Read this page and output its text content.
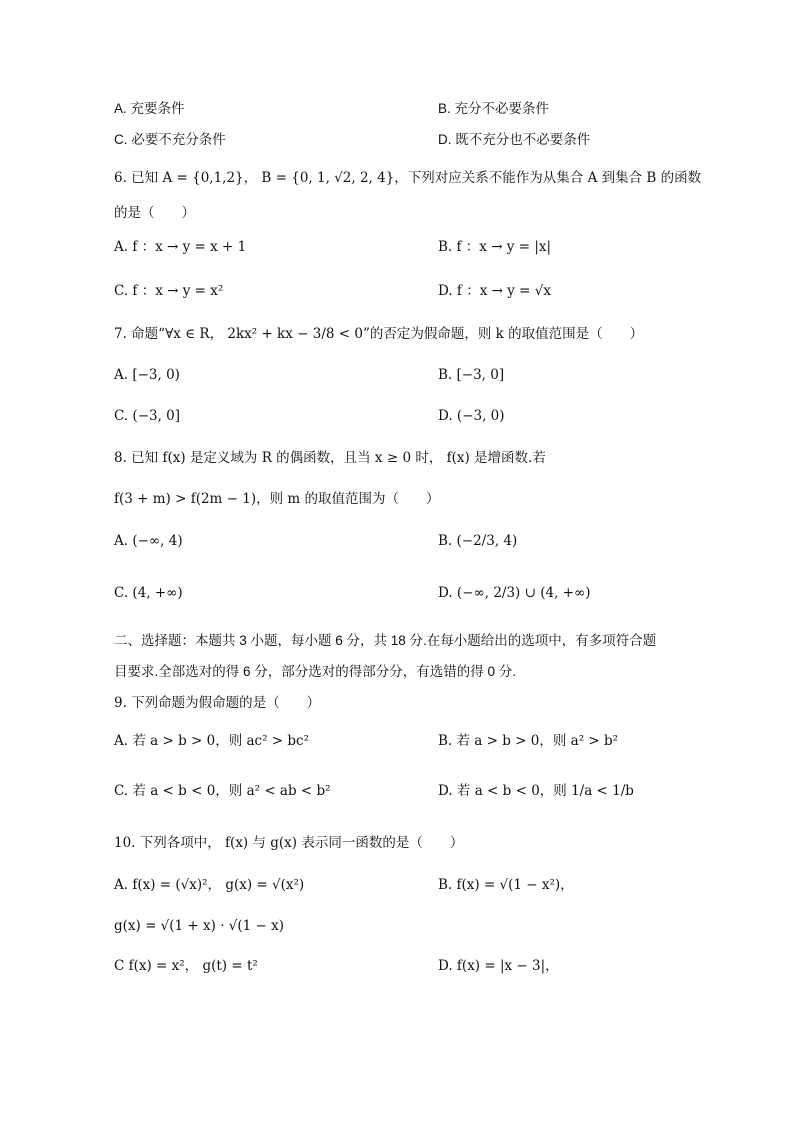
A. 充要条件	B. 充分不必要条件
C. 必要不充分条件	D. 既不充分也不必要条件
6. 已知 A = {0,1,2}， B = {0, 1, √2, 2, 4}，下列对应关系不能作为从集合 A 到集合 B 的函数
的是（　　）
A. f ：x → y = x + 1	B. f ：x → y = |x|
C. f ：x → y = x²	D. f ：x → y = √x
7. 命题“∀x ∈ R， 2kx² + kx − 3/8 < 0”的否定为假命题，则 k 的取值范围是（　　）
A. [−3, 0)	B. [−3, 0]
C. (−3, 0]	D. (−3, 0)
8. 已知 f(x) 是定义域为 R 的偶函数，且当 x ≥ 0 时， f(x) 是增函数.若
f(3 + m) > f(2m − 1)，则 m 的取值范围为（　　）
A. (−∞, 4)	B. (−2/3, 4)
C. (4, +∞)	D. (−∞, 2/3) ∪ (4, +∞)
二、选择题：本题共 3 小题，每小题 6 分，共 18 分.在每小题给出的选项中，有多项符合题
目要求.全部选对的得 6 分，部分选对的得部分分，有选错的得 0 分.
9. 下列命题为假命题的是（　　）
A. 若 a > b > 0，则 ac² > bc²	B. 若 a > b > 0，则 a² > b²
C. 若 a < b < 0，则 a² < ab < b²	D. 若 a < b < 0，则 1/a < 1/b
10. 下列各项中， f(x) 与 g(x) 表示同一函数的是（　　）
A. f(x) = (√x)²， g(x) = √(x²)	B. f(x) = √(1 − x²)，
g(x) = √(1 + x) · √(1 − x)
C f(x) = x²， g(t) = t²	D. f(x) = |x − 3|，
